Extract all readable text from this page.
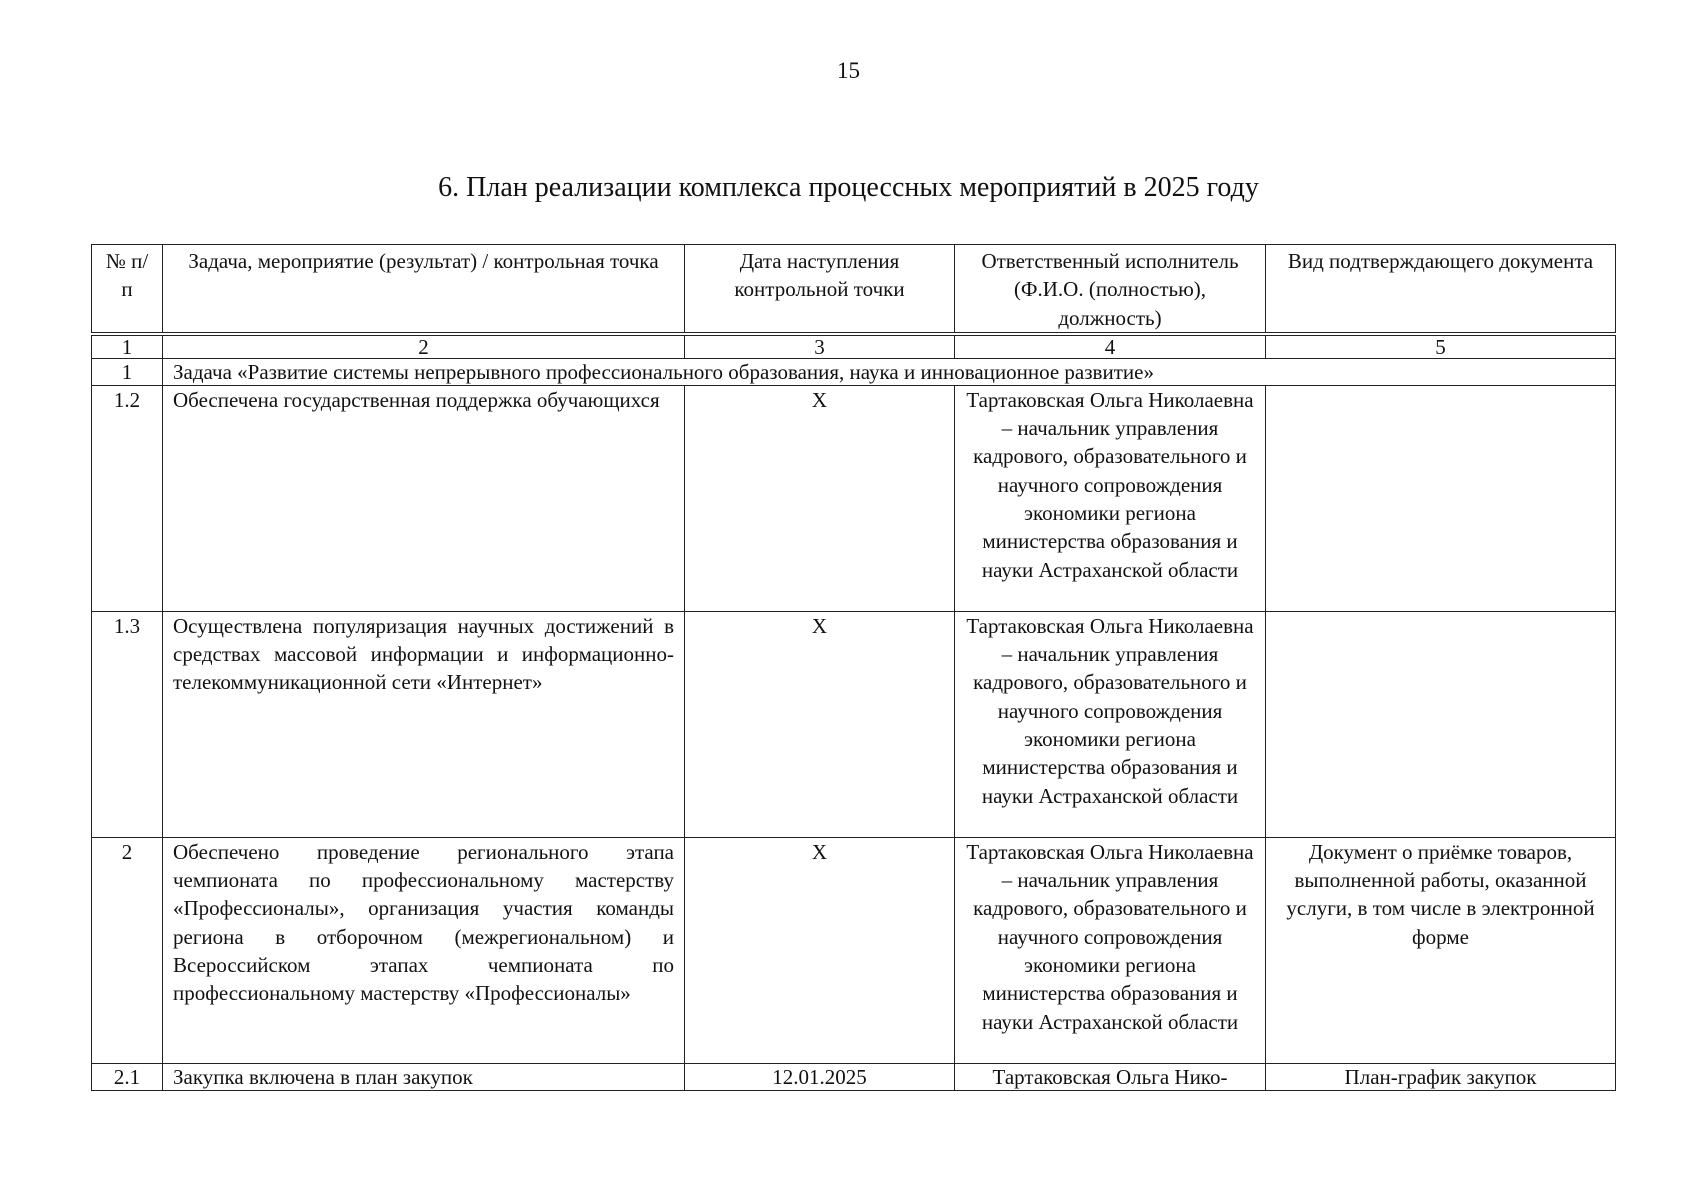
15
6. План реализации комплекса процессных мероприятий в 2025 году
№ п/п	Задача, мероприятие (результат) / контрольная точка	Дата наступления контрольной точки	Ответственный исполнитель (Ф.И.О. (полностью), должность)	Вид подтверждающего документа

1	2	3	4	5
1	Задача «Развитие системы непрерывного профессионального образования, наука и инновационное развитие»			
1.2	Обеспечена государственная поддержка обучающихся	X	Тартаковская Ольга Николаевна – начальник управления кадрового, образовательного и научного сопровождения экономики региона министерства образования и науки Астраханской области	
1.3	Осуществлена популяризация научных достижений в средствах массовой информации и информационно-телекоммуникационной сети «Интернет»	X	Тартаковская Ольга Николаевна – начальник управления кадрового, образовательного и научного сопровождения экономики региона министерства образования и науки Астраханской области	
2	Обеспечено проведение регионального этапа чемпионата по профессиональному мастерству «Профессионалы», организация участия команды региона в отборочном (межрегиональном) и Всероссийском этапах чемпионата по профессиональному мастерству «Профессионалы»	X	Тартаковская Ольга Николаевна – начальник управления кадрового, образовательного и научного сопровождения экономики региона министерства образования и науки Астраханской области	Документ о приёмке товаров, выполненной работы, оказанной услуги, в том числе в электронной форме
2.1	Закупка включена в план закупок	12.01.2025	Тартаковская Ольга Нико-	План-график закупок
